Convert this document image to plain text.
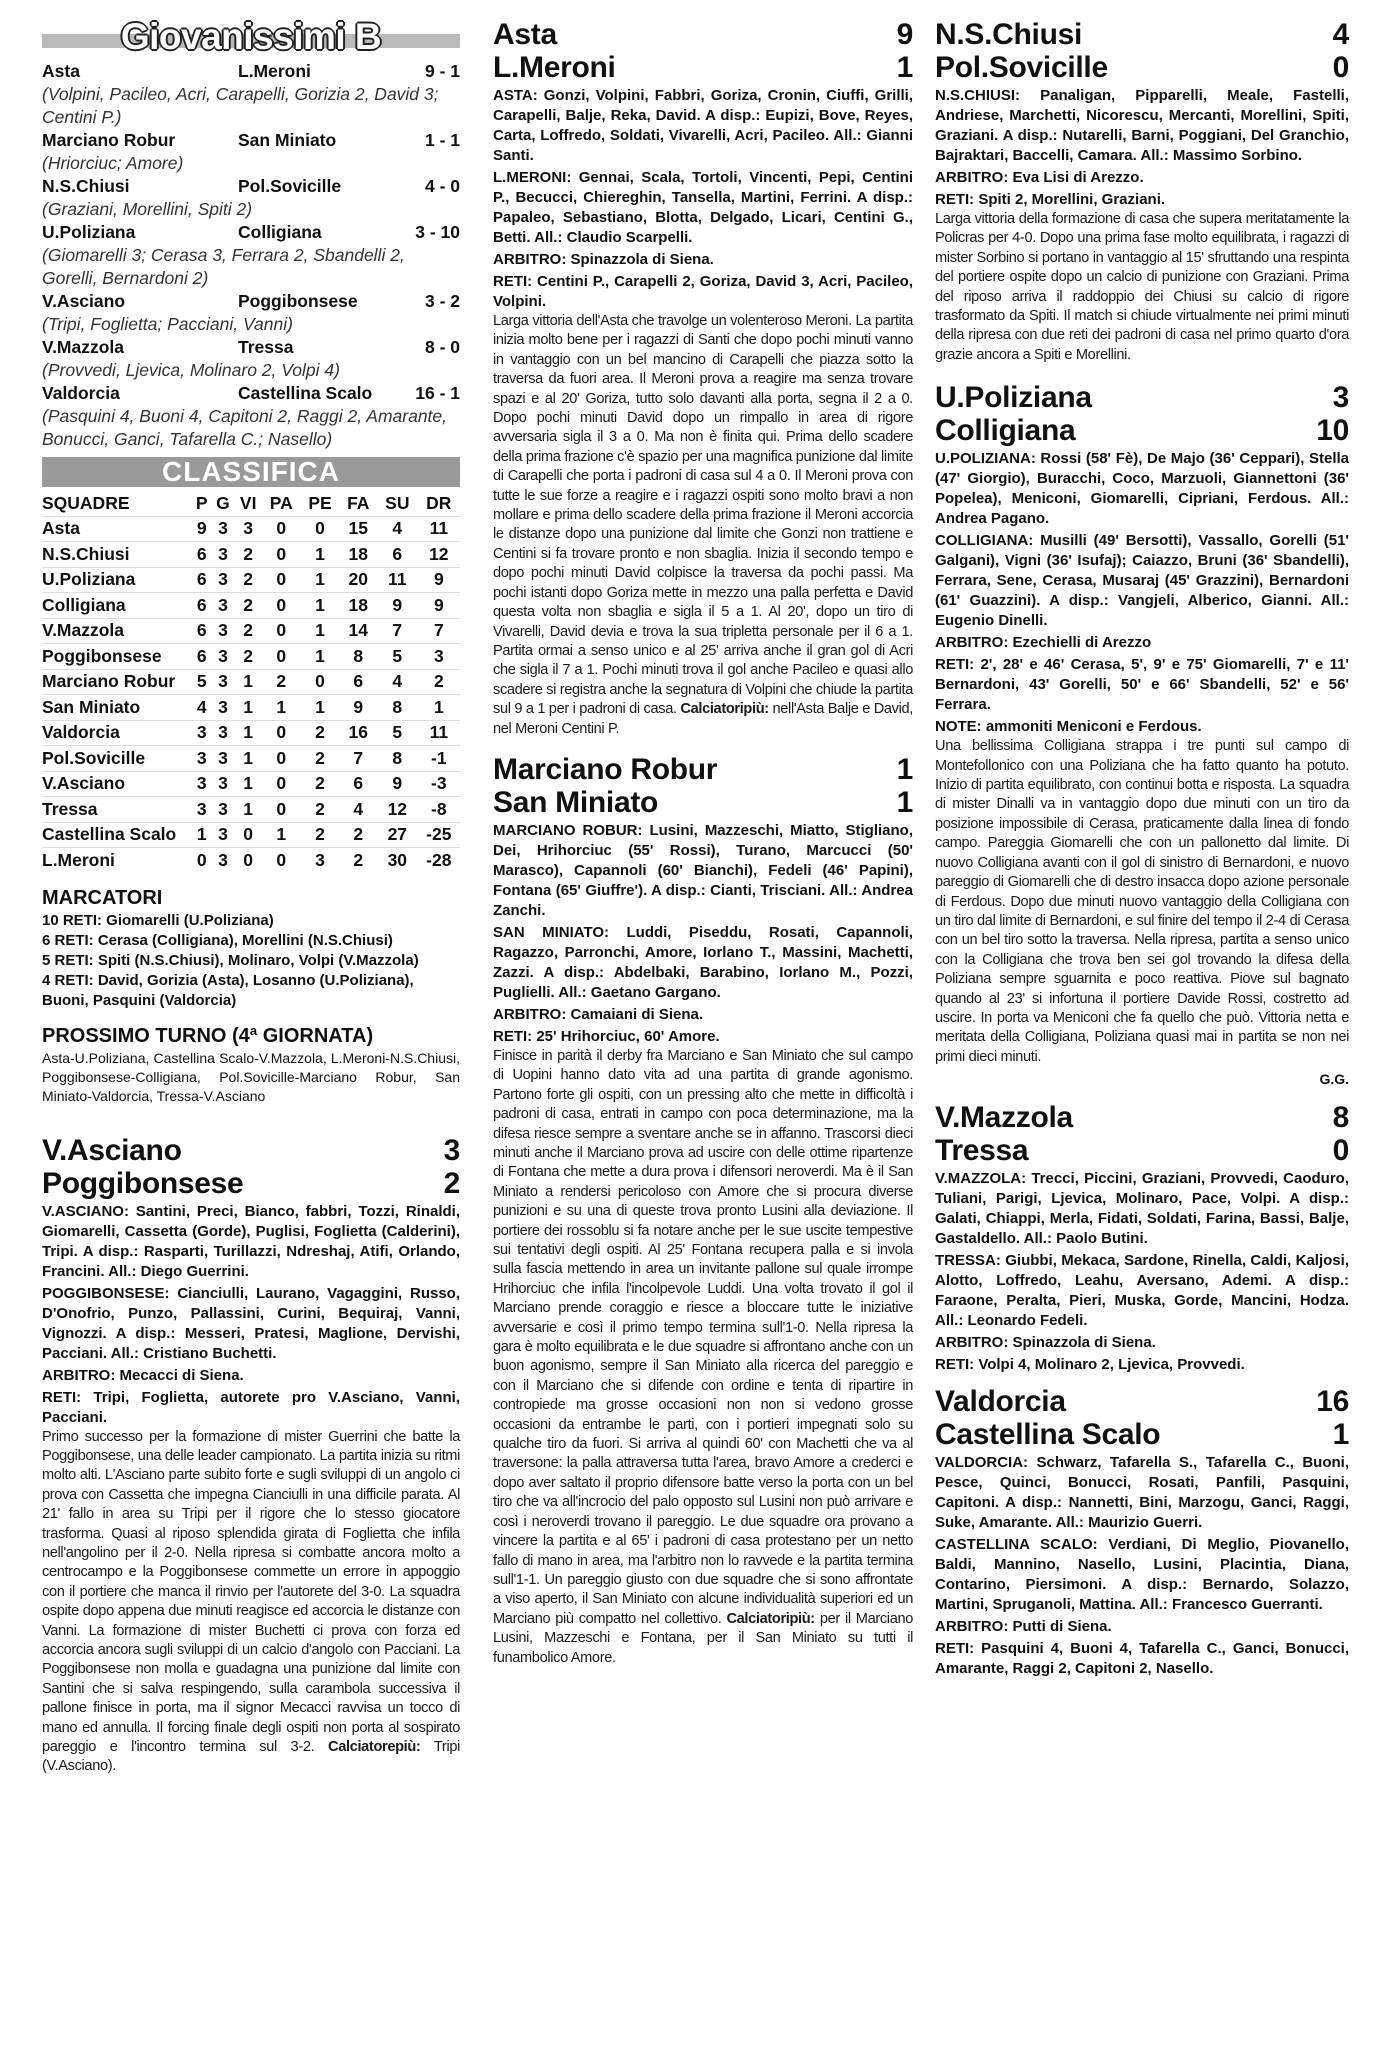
Giovanissimi B
Asta	L.Meroni	9 - 1
(Volpini, Pacileo, Acri, Carapelli, Gorizia 2, David 3; Centini P.)
Marciano Robur	San Miniato	1 - 1
(Hriorciuc; Amore)
N.S.Chiusi	Pol.Sovicille	4 - 0
(Graziani, Morellini, Spiti 2)
U.Poliziana	Colligiana	3 - 10
(Giomarelli 3; Cerasa 3, Ferrara 2, Sbandelli 2, Gorelli, Bernardoni 2)
V.Asciano	Poggibonsese	3 - 2
(Tripi, Foglietta; Pacciani, Vanni)
V.Mazzola	Tressa	8 - 0
(Provvedi, Ljevica, Molinaro 2, Volpi 4)
Valdorcia	Castellina Scalo	16 - 1
(Pasquini 4, Buoni 4, Capitoni 2, Raggi 2, Amarante, Bonucci, Ganci, Tafarella C.; Nasello)
CLASSIFICA
SQUADRE	P	G	VI	PA	PE	FA	SU	DR
Asta	9	3	3	0	0	15	4	11
N.S.Chiusi	6	3	2	0	1	18	6	12
U.Poliziana	6	3	2	0	1	20	11	9
Colligiana	6	3	2	0	1	18	9	9
V.Mazzola	6	3	2	0	1	14	7	7
Poggibonsese	6	3	2	0	1	8	5	3
Marciano Robur	5	3	1	2	0	6	4	2
San Miniato	4	3	1	1	1	9	8	1
Valdorcia	3	3	1	0	2	16	5	11
Pol.Sovicille	3	3	1	0	2	7	8	-1
V.Asciano	3	3	1	0	2	6	9	-3
Tressa	3	3	1	0	2	4	12	-8
Castellina Scalo	1	3	0	1	2	2	27	-25
L.Meroni	0	3	0	0	3	2	30	-28
MARCATORI
10 RETI: Giomarelli (U.Poliziana)
6 RETI: Cerasa (Colligiana), Morellini (N.S.Chiusi)
5 RETI: Spiti (N.S.Chiusi), Molinaro, Volpi (V.Mazzola)
4 RETI: David, Gorizia (Asta), Losanno (U.Poliziana), Buoni, Pasquini (Valdorcia)
PROSSIMO TURNO (4ª GIORNATA)
Asta-U.Poliziana, Castellina Scalo-V.Mazzola, L.Meroni-N.S.Chiusi, Poggibonsese-Colligiana, Pol.Sovicille-Marciano Robur, San Miniato-Valdorcia, Tressa-V.Asciano
V.Asciano	3
Poggibonsese	2
V.ASCIANO: Santini, Preci, Bianco, fabbri, Tozzi, Rinaldi, Giomarelli, Cassetta (Gorde), Puglisi, Foglietta (Calderini), Tripi. A disp.: Rasparti, Turillazzi, Ndreshaj, Atifi, Orlando, Francini. All.: Diego Guerrini.
POGGIBONSESE: Cianciulli, Laurano, Vagaggini, Russo, D'Onofrio, Punzo, Pallassini, Curini, Bequiraj, Vanni, Vignozzi. A disp.: Messeri, Pratesi, Maglione, Dervishi, Pacciani. All.: Cristiano Buchetti.
ARBITRO: Mecacci di Siena.
RETI: Tripi, Foglietta, autorete pro V.Asciano, Vanni, Pacciani.
Primo successo per la formazione di mister Guerrini che batte la Poggibonsese, una delle leader campionato. La partita inizia su ritmi molto alti. L'Asciano parte subito forte e sugli sviluppi di un angolo ci prova con Cassetta che impegna Cianciulli in una difficile parata. Al 21' fallo in area su Tripi per il rigore che lo stesso giocatore trasforma. Quasi al riposo splendida girata di Foglietta che infila nell'angolino per il 2-0. Nella ripresa si combatte ancora molto a centrocampo e la Poggibonsese commette un errore in appoggio con il portiere che manca il rinvio per l'autorete del 3-0. La squadra ospite dopo appena due minuti reagisce ed accorcia le distanze con Vanni. La formazione di mister Buchetti ci prova con forza ed accorcia ancora sugli sviluppi di un calcio d'angolo con Pacciani. La Poggibonsese non molla e guadagna una punizione dal limite con Santini che si salva respingendo, sulla carambola successiva il pallone finisce in porta, ma il signor Mecacci ravvisa un tocco di mano ed annulla. Il forcing finale degli ospiti non porta al sospirato pareggio e l'incontro termina sul 3-2. Calciatorepiù: Tripi (V.Asciano).
Asta	9
L.Meroni	1
ASTA: Gonzi, Volpini, Fabbri, Goriza, Cronin, Ciuffi, Grilli, Carapelli, Balje, Reka, David. A disp.: Eupizi, Bove, Reyes, Carta, Loffredo, Soldati, Vivarelli, Acri, Pacileo. All.: Gianni Santi.
L.MERONI: Gennai, Scala, Tortoli, Vincenti, Pepi, Centini P., Becucci, Chiereghin, Tansella, Martini, Ferrini. A disp.: Papaleo, Sebastiano, Blotta, Delgado, Licari, Centini G., Betti. All.: Claudio Scarpelli.
ARBITRO: Spinazzola di Siena.
RETI: Centini P., Carapelli 2, Goriza, David 3, Acri, Pacileo, Volpini.
Larga vittoria dell'Asta che travolge un volenteroso Meroni. La partita inizia molto bene per i ragazzi di Santi che dopo pochi minuti vanno in vantaggio con un bel mancino di Carapelli che piazza sotto la traversa da fuori area. Il Meroni prova a reagire ma senza trovare spazi e al 20' Goriza, tutto solo davanti alla porta, segna il 2 a 0. Dopo pochi minuti David dopo un rimpallo in area di rigore avversaria sigla il 3 a 0. Ma non è finita qui. Prima dello scadere della prima frazione c'è spazio per una magnifica punizione dal limite di Carapelli che porta i padroni di casa sul 4 a 0. Il Meroni prova con tutte le sue forze a reagire e i ragazzi ospiti sono molto bravi a non mollare e prima dello scadere della prima frazione il Meroni accorcia le distanze dopo una punizione dal limite che Gonzi non trattiene e Centini si fa trovare pronto e non sbaglia. Inizia il secondo tempo e dopo pochi minuti David colpisce la traversa da pochi passi. Ma pochi istanti dopo Goriza mette in mezzo una palla perfetta e David questa volta non sbaglia e sigla il 5 a 1. Al 20', dopo un tiro di Vivarelli, David devia e trova la sua tripletta personale per il 6 a 1. Partita ormai a senso unico e al 25' arriva anche il gran gol di Acri che sigla il 7 a 1. Pochi minuti trova il gol anche Pacileo e quasi allo scadere si registra anche la segnatura di Volpini che chiude la partita sul 9 a 1 per i padroni di casa. Calciatoripiù: nell'Asta Balje e David, nel Meroni Centini P.
Marciano Robur	1
San Miniato	1
MARCIANO ROBUR: Lusini, Mazzeschi, Miatto, Stigliano, Dei, Hrihorciuc (55' Rossi), Turano, Marcucci (50' Marasco), Capannoli (60' Bianchi), Fedeli (46' Papini), Fontana (65' Giuffre'). A disp.: Cianti, Trisciani. All.: Andrea Zanchi.
SAN MINIATO: Luddi, Piseddu, Rosati, Capannoli, Ragazzo, Parronchi, Amore, Iorlano T., Massini, Machetti, Zazzi. A disp.: Abdelbaki, Barabino, Iorlano M., Pozzi, Puglielli. All.: Gaetano Gargano.
ARBITRO: Camaiani di Siena.
RETI: 25' Hrihorciuc, 60' Amore.
Finisce in parità il derby fra Marciano e San Miniato che sul campo di Uopini hanno dato vita ad una partita di grande agonismo. Partono forte gli ospiti, con un pressing alto che mette in difficoltà i padroni di casa, entrati in campo con poca determinazione, ma la difesa riesce sempre a sventare anche se in affanno. Trascorsi dieci minuti anche il Marciano prova ad uscire con delle ottime ripartenze di Fontana che mette a dura prova i difensori neroverdi. Ma è il San Miniato a rendersi pericoloso con Amore che si procura diverse punizioni e su una di queste trova pronto Lusini alla deviazione. Il portiere dei rossoblu si fa notare anche per le sue uscite tempestive sui tentativi degli ospiti. Al 25' Fontana recupera palla e si invola sulla fascia mettendo in area un invitante pallone sul quale irrompe Hrihorciuc che infila l'incolpevole Luddi. Una volta trovato il gol il Marciano prende coraggio e riesce a bloccare tutte le iniziative avversarie e così il primo tempo termina sull'1-0. Nella ripresa la gara è molto equilibrata e le due squadre si affrontano anche con un buon agonismo, sempre il San Miniato alla ricerca del pareggio e con il Marciano che si difende con ordine e tenta di ripartire in contropiede ma grosse occasioni non non si vedono grosse occasioni da entrambe le parti, con i portieri impegnati solo su qualche tiro da fuori. Si arriva al quindi 60' con Machetti che va al traversone: la palla attraversa tutta l'area, bravo Amore a crederci e dopo aver saltato il proprio difensore batte verso la porta con un bel tiro che va all'incrocio del palo opposto sul Lusini non può arrivare e così i neroverdi trovano il pareggio. Le due squadre ora provano a vincere la partita e al 65' i padroni di casa protestano per un netto fallo di mano in area, ma l'arbitro non lo ravvede e la partita termina sull'1-1. Un pareggio giusto con due squadre che si sono affrontate a viso aperto, il San Miniato con alcune individualità superiori ed un Marciano più compatto nel collettivo. Calciatoripiù: per il Marciano Lusini, Mazzeschi e Fontana, per il San Miniato su tutti il funambolico Amore.
N.S.Chiusi	4
Pol.Sovicille	0
N.S.CHIUSI: Panaligan, Pipparelli, Meale, Fastelli, Andriese, Marchetti, Nicorescu, Mercanti, Morellini, Spiti, Graziani. A disp.: Nutarelli, Barni, Poggiani, Del Granchio, Bajraktari, Baccelli, Camara. All.: Massimo Sorbino.
ARBITRO: Eva Lisi di Arezzo.
RETI: Spiti 2, Morellini, Graziani.
Larga vittoria della formazione di casa che supera meritatamente la Policras per 4-0. Dopo una prima fase molto equilibrata, i ragazzi di mister Sorbino si portano in vantaggio al 15' sfruttando una respinta del portiere ospite dopo un calcio di punizione con Graziani. Prima del riposo arriva il raddoppio dei Chiusi su calcio di rigore trasformato da Spiti. Il match si chiude virtualmente nei primi minuti della ripresa con due reti dei padroni di casa nel primo quarto d'ora grazie ancora a Spiti e Morellini.
U.Poliziana	3
Colligiana	10
U.POLIZIANA: Rossi (58' Fè), De Majo (36' Ceppari), Stella (47' Giorgio), Buracchi, Coco, Marzuoli, Giannettoni (36' Popelea), Meniconi, Giomarelli, Cipriani, Ferdous. All.: Andrea Pagano.
COLLIGIANA: Musilli (49' Bersotti), Vassallo, Gorelli (51' Galgani), Vigni (36' Isufaj); Caiazzo, Bruni (36' Sbandelli), Ferrara, Sene, Cerasa, Musaraj (45' Grazzini), Bernardoni (61' Guazzini). A disp.: Vangjeli, Alberico, Gianni. All.: Eugenio Dinelli.
ARBITRO: Ezechielli di Arezzo
RETI: 2', 28' e 46' Cerasa, 5', 9' e 75' Giomarelli, 7' e 11' Bernardoni, 43' Gorelli, 50' e 66' Sbandelli, 52' e 56' Ferrara.
NOTE: ammoniti Meniconi e Ferdous.
Una bellissima Colligiana strappa i tre punti sul campo di Montefollonico con una Poliziana che ha fatto quanto ha potuto. Inizio di partita equilibrato, con continui botta e risposta. La squadra di mister Dinalli va in vantaggio dopo due minuti con un tiro da posizione impossibile di Cerasa, praticamente dalla linea di fondo campo. Pareggia Giomarelli che con un pallonetto dal limite. Di nuovo Colligiana avanti con il gol di sinistro di Bernardoni, e nuovo pareggio di Giomarelli che di destro insacca dopo azione personale di Ferdous. Dopo due minuti nuovo vantaggio della Colligiana con un tiro dal limite di Bernardoni, e sul finire del tempo il 2-4 di Cerasa con un bel tiro sotto la traversa. Nella ripresa, partita a senso unico con la Colligiana che trova ben sei gol trovando la difesa della Poliziana sempre sguarnita e poco reattiva. Piove sul bagnato quando al 23' si infortuna il portiere Davide Rossi, costretto ad uscire. In porta va Meniconi che fa quello che può. Vittoria netta e meritata della Colligiana, Poliziana quasi mai in partita se non nei primi dieci minuti.
G.G.
V.Mazzola	8
Tressa	0
V.MAZZOLA: Trecci, Piccini, Graziani, Provvedi, Caoduro, Tuliani, Parigi, Ljevica, Molinaro, Pace, Volpi. A disp.: Galati, Chiappi, Merla, Fidati, Soldati, Farina, Bassi, Balje, Gastaldello. All.: Paolo Butini.
TRESSA: Giubbi, Mekaca, Sardone, Rinella, Caldi, Kaljosi, Alotto, Loffredo, Leahu, Aversano, Ademi. A disp.: Faraone, Peralta, Pieri, Muska, Gorde, Mancini, Hodza. All.: Leonardo Fedeli.
ARBITRO: Spinazzola di Siena.
RETI: Volpi 4, Molinaro 2, Ljevica, Provvedi.
Valdorcia	16
Castellina Scalo	1
VALDORCIA: Schwarz, Tafarella S., Tafarella C., Buoni, Pesce, Quinci, Bonucci, Rosati, Panfili, Pasquini, Capitoni. A disp.: Nannetti, Bini, Marzogu, Ganci, Raggi, Suke, Amarante. All.: Maurizio Guerri.
CASTELLINA SCALO: Verdiani, Di Meglio, Piovanello, Baldi, Mannino, Nasello, Lusini, Placintia, Diana, Contarino, Piersimoni. A disp.: Bernardo, Solazzo, Martini, Spruganoli, Mattina. All.: Francesco Guerranti.
ARBITRO: Putti di Siena.
RETI: Pasquini 4, Buoni 4, Tafarella C., Ganci, Bonucci, Amarante, Raggi 2, Capitoni 2, Nasello.
